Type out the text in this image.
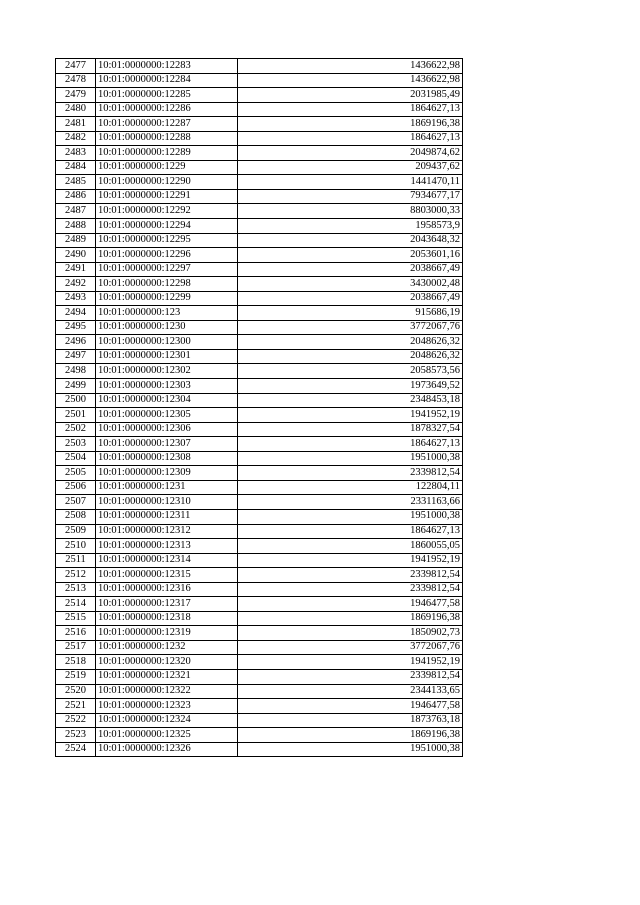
2477	10:01:0000000:12283	1436622,98
2478	10:01:0000000:12284	1436622,98
2479	10:01:0000000:12285	2031985,49
2480	10:01:0000000:12286	1864627,13
2481	10:01:0000000:12287	1869196,38
2482	10:01:0000000:12288	1864627,13
2483	10:01:0000000:12289	2049874,62
2484	10:01:0000000:1229	209437,62
2485	10:01:0000000:12290	1441470,11
2486	10:01:0000000:12291	7934677,17
2487	10:01:0000000:12292	8803000,33
2488	10:01:0000000:12294	1958573,9
2489	10:01:0000000:12295	2043648,32
2490	10:01:0000000:12296	2053601,16
2491	10:01:0000000:12297	2038667,49
2492	10:01:0000000:12298	3430002,48
2493	10:01:0000000:12299	2038667,49
2494	10:01:0000000:123	915686,19
2495	10:01:0000000:1230	3772067,76
2496	10:01:0000000:12300	2048626,32
2497	10:01:0000000:12301	2048626,32
2498	10:01:0000000:12302	2058573,56
2499	10:01:0000000:12303	1973649,52
2500	10:01:0000000:12304	2348453,18
2501	10:01:0000000:12305	1941952,19
2502	10:01:0000000:12306	1878327,54
2503	10:01:0000000:12307	1864627,13
2504	10:01:0000000:12308	1951000,38
2505	10:01:0000000:12309	2339812,54
2506	10:01:0000000:1231	122804,11
2507	10:01:0000000:12310	2331163,66
2508	10:01:0000000:12311	1951000,38
2509	10:01:0000000:12312	1864627,13
2510	10:01:0000000:12313	1860055,05
2511	10:01:0000000:12314	1941952,19
2512	10:01:0000000:12315	2339812,54
2513	10:01:0000000:12316	2339812,54
2514	10:01:0000000:12317	1946477,58
2515	10:01:0000000:12318	1869196,38
2516	10:01:0000000:12319	1850902,73
2517	10:01:0000000:1232	3772067,76
2518	10:01:0000000:12320	1941952,19
2519	10:01:0000000:12321	2339812,54
2520	10:01:0000000:12322	2344133,65
2521	10:01:0000000:12323	1946477,58
2522	10:01:0000000:12324	1873763,18
2523	10:01:0000000:12325	1869196,38
2524	10:01:0000000:12326	1951000,38
